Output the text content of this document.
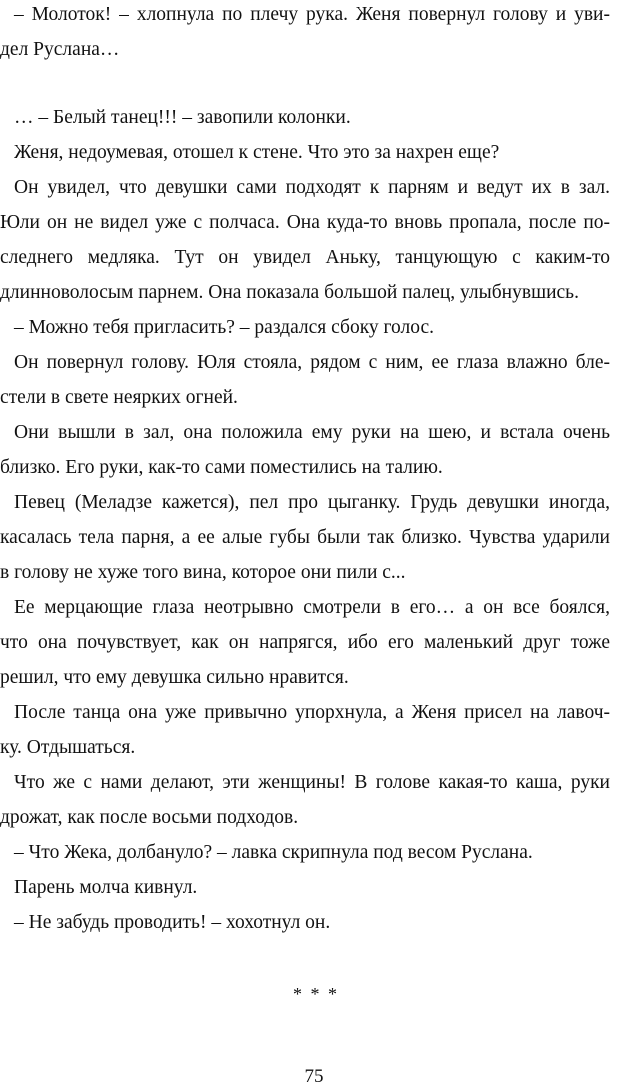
– Молоток! – хлопнула по плечу рука. Женя повернул голову и уви-
дел Руслана…
… – Белый танец!!! – завопили колонки.
Женя, недоумевая, отошел к стене. Что это за нахрен еще?
Он увидел, что девушки сами подходят к парням и ведут их в зал.
Юли он не видел уже с полчаса. Она куда-то вновь пропала, после по-
следнего медляка. Тут он увидел Аньку, танцующую с каким-то
длинноволосым парнем. Она показала большой палец, улыбнувшись.
– Можно тебя пригласить? – раздался сбоку голос.
Он повернул голову. Юля стояла, рядом с ним, ее глаза влажно бле-
стели в свете неярких огней.
Они вышли в зал, она положила ему руки на шею, и встала очень
близко. Его руки, как-то сами поместились на талию.
Певец (Меладзе кажется), пел про цыганку. Грудь девушки иногда,
касалась тела парня, а ее алые губы были так близко. Чувства ударили
в голову не хуже того вина, которое они пили с...
Ее мерцающие глаза неотрывно смотрели в его… а он все боялся,
что она почувствует, как он напрягся, ибо его маленький друг тоже
решил, что ему девушка сильно нравится.
После танца она уже привычно упорхнула, а Женя присел на лавоч-
ку. Отдышаться.
Что же с нами делают, эти женщины! В голове какая-то каша, руки
дрожат, как после восьми подходов.
– Что Жека, долбануло? – лавка скрипнула под весом Руслана.
Парень молча кивнул.
– Не забудь проводить! – хохотнул он.
* * *
75
